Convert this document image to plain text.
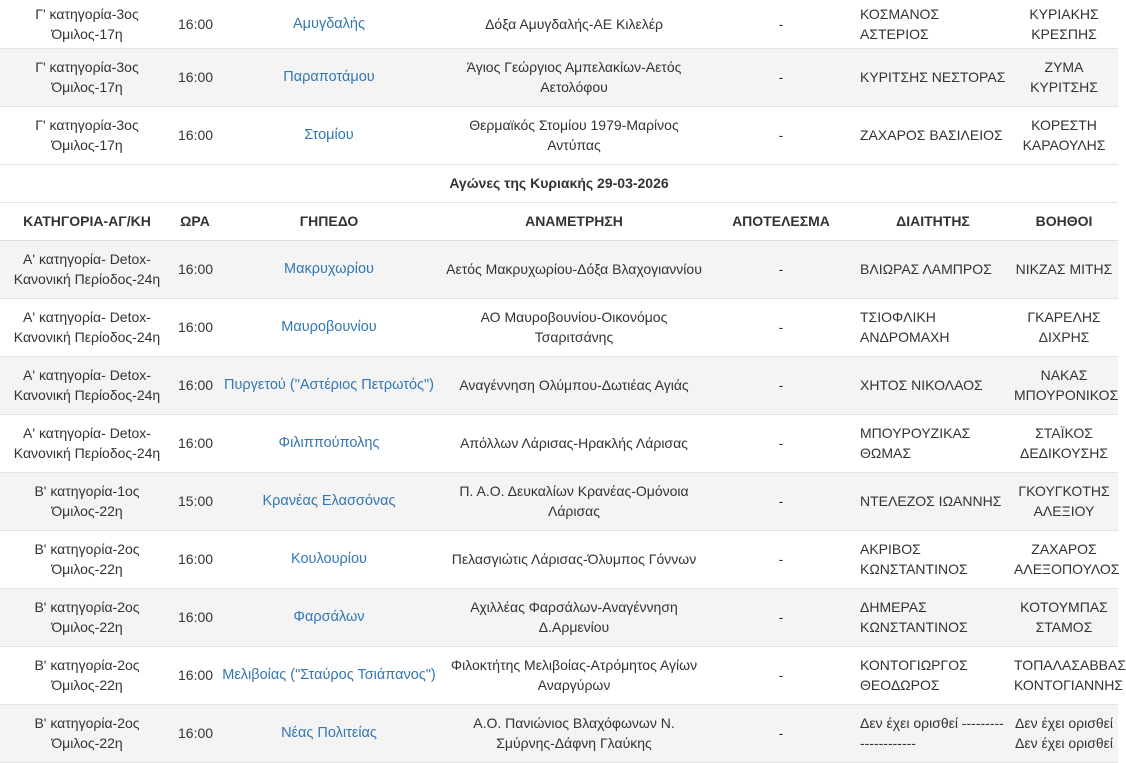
Γ' κατηγορία-3ος Όμιλος-17η	16:00	Αμυγδαλής	Δόξα Αμυγδαλής-ΑΕ Κιλελέρ	-	ΚΟΣΜΑΝΟΣ ΑΣΤΕΡΙΟΣ	ΚΥΡΙΑΚΗΣ ΚΡΕΣΠΗΣ
Γ' κατηγορία-3ος Όμιλος-17η	16:00	Παραποτάμου	Άγιος Γεώργιος Αμπελακίων-Αετός Αετολόφου	-	ΚΥΡΙΤΣΗΣ ΝΕΣΤΟΡΑΣ	ΖΥΜΑ ΚΥΡΙΤΣΗΣ
Γ' κατηγορία-3ος Όμιλος-17η	16:00	Στομίου	Θερμαϊκός Στομίου 1979-Μαρίνος Αντύπας	-	ΖΑΧΑΡΟΣ ΒΑΣΙΛΕΙΟΣ	ΚΟΡΕΣΤΗ ΚΑΡΑΟΥΛΗΣ
Αγώνες της Κυριακής 29-03-2026						
ΚΑΤΗΓΟΡΙΑ-ΑΓ/ΚΗ	ΩΡΑ	ΓΗΠΕΔΟ	ΑΝΑΜΕΤΡΗΣΗ	ΑΠΟΤΕΛΕΣΜΑ	ΔΙΑΙΤΗΤΗΣ	ΒΟΗΘΟΙ
Α' κατηγορία- Detox-Κανονική Περίοδος-24η	16:00	Μακρυχωρίου	Αετός Μακρυχωρίου-Δόξα Βλαχογιαννίου	-	ΒΛΙΩΡΑΣ ΛΑΜΠΡΟΣ	ΝΙΚΖΑΣ ΜΙΤΗΣ
Α' κατηγορία- Detox-Κανονική Περίοδος-24η	16:00	Μαυροβουνίου	ΑΟ Μαυροβουνίου-Οικονόμος Τσαριτσάνης	-	ΤΣΙΟΦΛΙΚΗ ΑΝΔΡΟΜΑΧΗ	ΓΚΑΡΕΛΗΣ ΔΙΧΡΗΣ
Α' κατηγορία- Detox-Κανονική Περίοδος-24η	16:00	Πυργετού ("Αστέριος Πετρωτός")	Αναγέννηση Ολύμπου-Δωτιέας Αγιάς	-	ΧΗΤΟΣ ΝΙΚΟΛΑΟΣ	ΝΑΚΑΣ ΜΠΟΥΡΟΝΙΚΟΣ
Α' κατηγορία- Detox-Κανονική Περίοδος-24η	16:00	Φιλιππούπολης	Απόλλων Λάρισας-Ηρακλής Λάρισας	-	ΜΠΟΥΡΟΥΖΙΚΑΣ ΘΩΜΑΣ	ΣΤΑΪΚΟΣ ΔΕΔΙΚΟΥΣΗΣ
Β' κατηγορία-1ος Όμιλος-22η	15:00	Κρανέας Ελασσόνας	Π. Α.Ο. Δευκαλίων Κρανέας-Ομόνοια Λάρισας	-	ΝΤΕΛΕΖΟΣ ΙΩΑΝΝΗΣ	ΓΚΟΥΓΚΟΤΗΣ ΑΛΕΞΙΟΥ
Β' κατηγορία-2ος Όμιλος-22η	16:00	Κουλουρίου	Πελασγιώτις Λάρισας-Όλυμπος Γόννων	-	ΑΚΡΙΒΟΣ ΚΩΝΣΤΑΝΤΙΝΟΣ	ΖΑΧΑΡΟΣ ΑΛΕΞΟΠΟΥΛΟΣ
Β' κατηγορία-2ος Όμιλος-22η	16:00	Φαρσάλων	Αχιλλέας Φαρσάλων-Αναγέννηση Δ.Αρμενίου	-	ΔΗΜΕΡΑΣ ΚΩΝΣΤΑΝΤΙΝΟΣ	ΚΟΤΟΥΜΠΑΣ ΣΤΑΜΟΣ
Β' κατηγορία-2ος Όμιλος-22η	16:00	Μελιβοίας ("Σταύρος Τσιάπανος")	Φιλοκτήτης Μελιβοίας-Ατρόμητος Αγίων Αναργύρων	-	ΚΟΝΤΟΓΙΩΡΓΟΣ ΘΕΟΔΩΡΟΣ	ΤΟΠΑΛΑΣΑΒΒΑΣ ΚΟΝΤΟΓΙΑΝΝΗΣ
Β' κατηγορία-2ος Όμιλος-22η	16:00	Νέας Πολιτείας	Α.Ο. Πανιώνιος Βλαχόφωνων Ν. Σμύρνης-Δάφνη Γλαύκης	-	Δεν έχει ορισθεί ---------------------	Δεν έχει ορισθεί Δεν έχει ορισθεί
